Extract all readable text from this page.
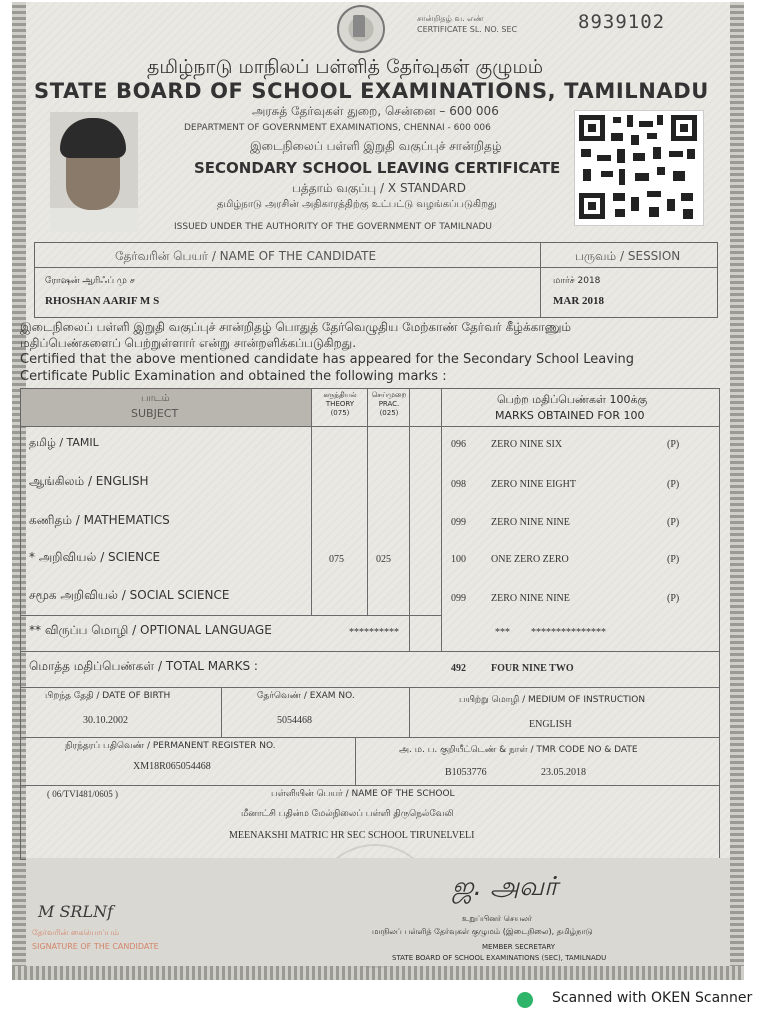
சான்றிதழ் வ. எண்
CERTIFICATE SL. NO. SEC	8939102
தமிழ்நாடு மாநிலப் பள்ளித் தேர்வுகள் குழுமம்
STATE BOARD OF SCHOOL EXAMINATIONS, TAMILNADU
அரசுத் தேர்வுகள் துறை, சென்னை – 600 006
DEPARTMENT OF GOVERNMENT EXAMINATIONS, CHENNAI - 600 006
இடைநிலைப் பள்ளி இறுதி வகுப்புச் சான்றிதழ்
SECONDARY SCHOOL LEAVING CERTIFICATE
பத்தாம் வகுப்பு / X STANDARD
தமிழ்நாடு அரசின் அதிகாரத்திற்கு உட்பட்டு வழங்கப்படுகிறது
ISSUED UNDER THE AUTHORITY OF THE GOVERNMENT OF TAMILNADU
தேர்வரின் பெயர் / NAME OF THE CANDIDATE	பருவம் / SESSION
ரோஷன் ஆரிஃப் மு ச
RHOSHAN AARIF M S
மார்ச் 2018
MAR 2018
இடைநிலைப் பள்ளி இறுதி வகுப்புச் சான்றிதழ் பொதுத் தேர்வெழுதிய மேற்காண் தேர்வர் கீழ்க்காணும்
மதிப்பெண்களைப் பெற்றுள்ளார் என்று சான்றளிக்கப்படுகிறது.
Certified that the above mentioned candidate has appeared for the Secondary School Leaving
Certificate Public Examination and obtained the following marks :
பாடம்
SUBJECT
கருத்தியல்
THEORY
(075)
செய்முறை
PRAC.
(025)
பெற்ற மதிப்பெண்கள் 100க்கு
MARKS OBTAINED FOR 100
தமிழ் / TAMIL	096	ZERO NINE SIX	(P)
ஆங்கிலம் / ENGLISH	098	ZERO NINE EIGHT	(P)
கணிதம் / MATHEMATICS	099	ZERO NINE NINE	(P)
* அறிவியல் / SCIENCE	075	025	100	ONE ZERO ZERO	(P)
சமூக அறிவியல் / SOCIAL SCIENCE	099	ZERO NINE NINE	(P)
** விருப்ப மொழி / OPTIONAL LANGUAGE	**********	*** ***************
மொத்த மதிப்பெண்கள் / TOTAL MARKS :	492	FOUR NINE TWO
பிறந்த தேதி / DATE OF BIRTH
30.10.2002
தேர்வெண் / EXAM NO.
5054468
பயிற்று மொழி / MEDIUM OF INSTRUCTION
ENGLISH
நிரந்தரப் பதிவெண் / PERMANENT REGISTER NO.
XM18R065054468
அ. ம. ப. குறியீட்டெண் & நாள் / TMR CODE NO & DATE
B1053776	23.05.2018
( 06/TVI481/0605 )	பள்ளியின் பெயர் / NAME OF THE SCHOOL
மீனாட்சி பதின்ம மேல்நிலைப் பள்ளி திருநெல்வேலி
MEENAKSHI MATRIC HR SEC SCHOOL TIRUNELVELI
M SRLNf
தேர்வரின் கையொப்பம்
SIGNATURE OF THE CANDIDATE
ஜ. அவர்
உறுப்பினர் செயலர்
மாநிலப் பள்ளித் தேர்வுகள் குழுமம் (இடைநிலை), தமிழ்நாடு
MEMBER SECRETARY
STATE BOARD OF SCHOOL EXAMINATIONS (SEC), TAMILNADU
Scanned with OKEN Scanner
